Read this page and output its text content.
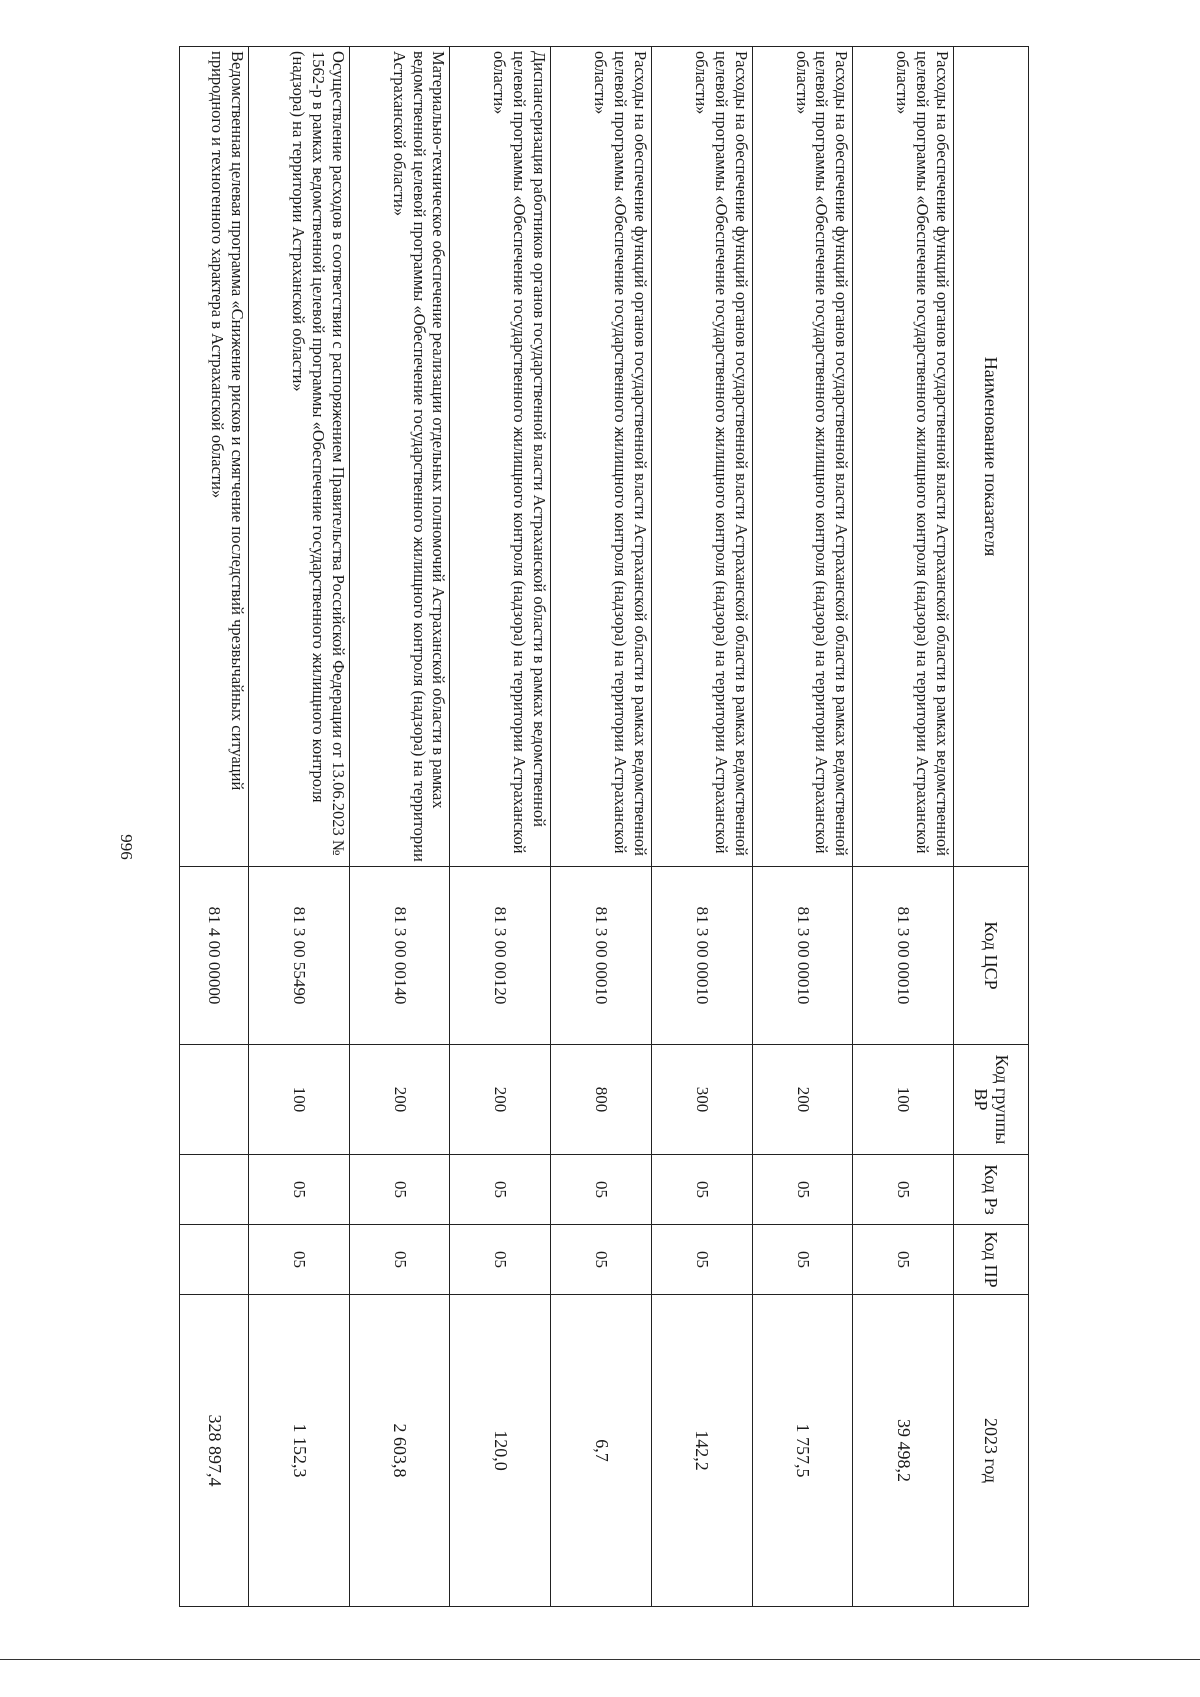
996
Наименование показателя	Код ЦСР	Код группы ВР	Код Рз	Код ПР	2023 год
Расходы на обеспечение функций органов государственной власти Астраханской области в рамках ведомственной целевой программы «Обеспечение государственного жилищного контроля (надзора) на территории Астраханской области»	81 3 00 00010	100	05	05	39 498,2
Расходы на обеспечение функций органов государственной власти Астраханской области в рамках ведомственной целевой программы «Обеспечение государственного жилищного контроля (надзора) на территории Астраханской области»	81 3 00 00010	200	05	05	1 757,5
Расходы на обеспечение функций органов государственной власти Астраханской области в рамках ведомственной целевой программы «Обеспечение государственного жилищного контроля (надзора) на территории Астраханской области»	81 3 00 00010	300	05	05	142,2
Расходы на обеспечение функций органов государственной власти Астраханской области в рамках ведомственной целевой программы «Обеспечение государственного жилищного контроля (надзора) на территории Астраханской области»	81 3 00 00010	800	05	05	6,7
Диспансеризация работников органов государственной власти Астраханской области в рамках ведомственной целевой программы «Обеспечение государственного жилищного контроля (надзора) на территории Астраханской области»	81 3 00 00120	200	05	05	120,0
Материально-техническое обеспечение реализации отдельных полномочий Астраханской области в рамках ведомственной целевой программы «Обеспечение государственного жилищного контроля (надзора) на территории Астраханской области»	81 3 00 00140	200	05	05	2 603,8
Осуществление расходов в соответствии с распоряжением Правительства Российской Федерации от 13.06.2023 № 1562-р в рамках ведомственной целевой программы «Обеспечение государственного жилищного контроля (надзора) на территории Астраханской области»	81 3 00 55490	100	05	05	1 152,3
Ведомственная целевая программа «Снижение рисков и смягчение последствий чрезвычайных ситуаций природного и техногенного характера в Астраханской области»	81 4 00 00000				328 897,4
